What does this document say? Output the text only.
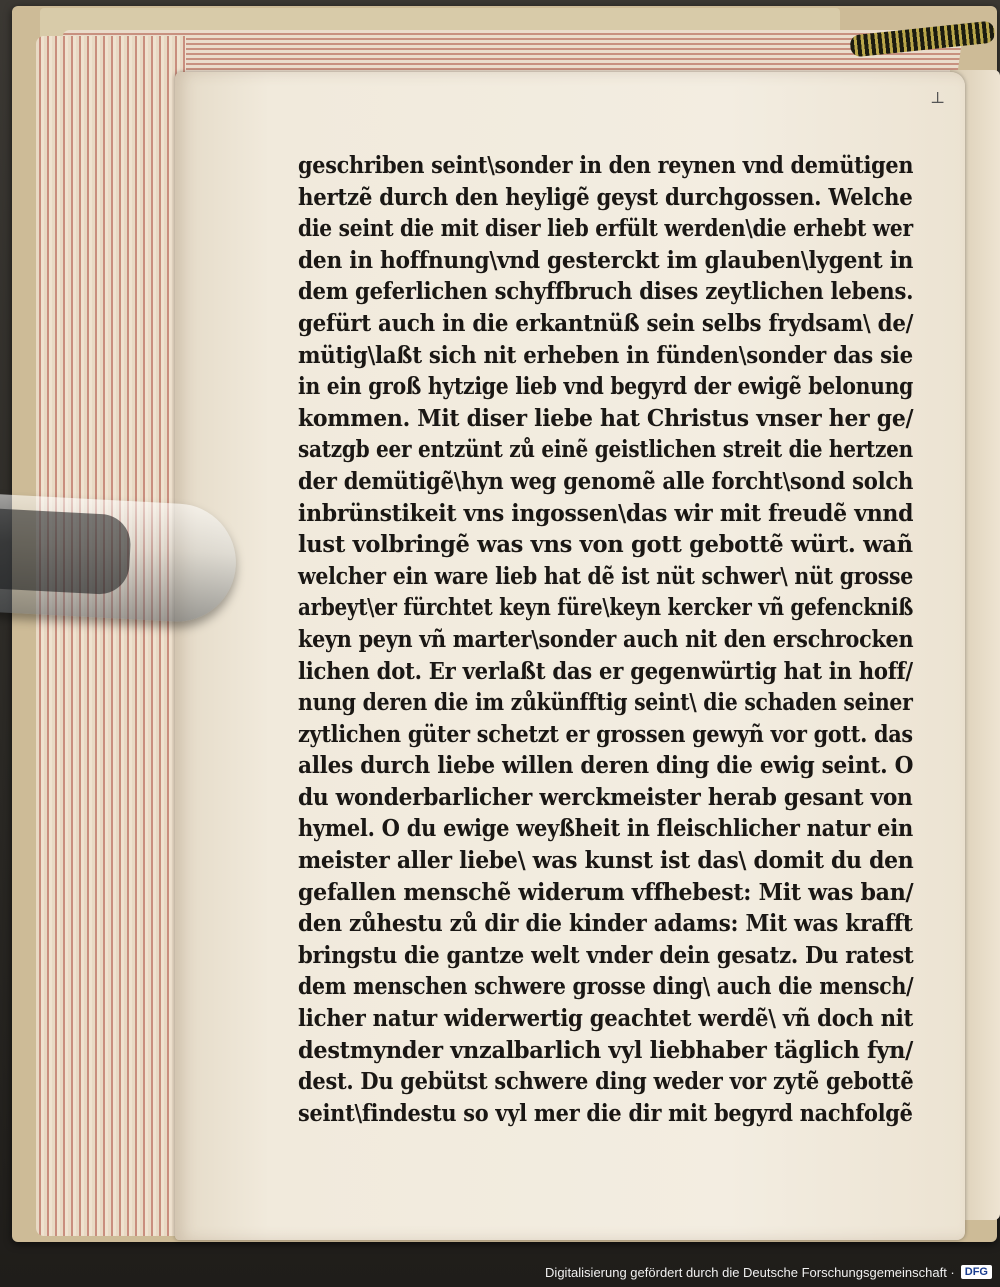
⊥
geschriben seint\sonder in den reynen vnd demütigen
hertzẽ durch den heyligẽ geyst durchgossen. Welche
die seint die mit diser lieb erfült werden\die erhebt wer
den in hoffnung\vnd gesterckt im glauben\lygent in
dem geferlichen schyffbruch dises zeytlichen lebens.
gefürt auch in die erkantnüß sein selbs frydsam\ de/
mütig\laßt sich nit erheben in fünden\sonder das sie
in ein groß hytzige lieb vnd begyrd der ewigẽ belonung
kommen. Mit diser liebe hat Christus vnser her ge/
satzgb eer entzünt zů einẽ geistlichen streit die hertzen
der demütigẽ\hyn weg genomẽ alle forcht\sond solch
inbrünstikeit vns ingossen\das wir mit freudẽ vnnd
lust volbringẽ was vns von gott gebottẽ würt. wañ
welcher ein ware lieb hat dẽ ist nüt schwer\ nüt grosse
arbeyt\er fürchtet keyn füre\keyn kercker vñ gefenckniß
keyn peyn vñ marter\sonder auch nit den erschrocken
lichen dot. Er verlaßt das er gegenwürtig hat in hoff/
nung deren die im zůkünfftig seint\ die schaden seiner
zytlichen güter schetzt er grossen gewyñ vor gott. das
alles durch liebe willen deren ding die ewig seint. O
du wonderbarlicher werckmeister herab gesant von
hymel. O du ewige weyßheit in fleischlicher natur ein
meister aller liebe\ was kunst ist das\ domit du den
gefallen menschẽ widerum vffhebest: Mit was ban/
den zůhestu zů dir die kinder adams: Mit was krafft
bringstu die gantze welt vnder dein gesatz. Du ratest
dem menschen schwere grosse ding\ auch die mensch/
licher natur widerwertig geachtet werdẽ\ vñ doch nit
destmynder vnzalbarlich vyl liebhaber täglich fyn/
dest. Du gebütst schwere ding weder vor zytẽ gebottẽ
seint\findestu so vyl mer die dir mit begyrd nachfolgẽ
Digitalisierung gefördert durch die Deutsche Forschungsgemeinschaft · DFG
